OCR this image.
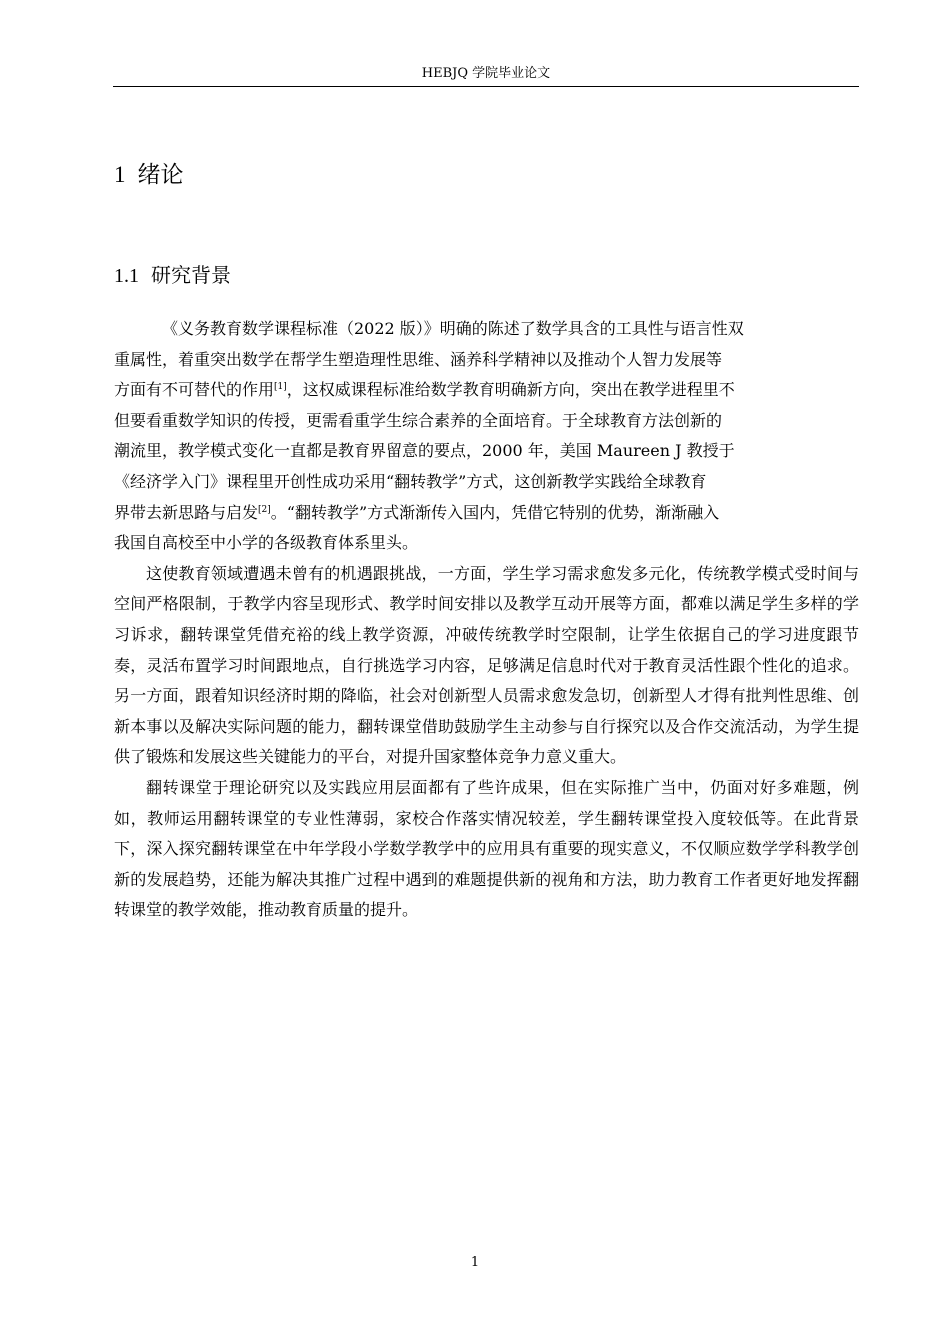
HEBJQ 学院毕业论文
1 绪论
1.1 研究背景

《义务教育数学课程标准（2022 版）》明确的陈述了数学具含的工具性与语言性双
重属性，着重突出数学在帮学生塑造理性思维、涵养科学精神以及推动个人智力发展等
方面有不可替代的作用[1]，这权威课程标准给数学教育明确新方向，突出在教学进程里不
但要看重数学知识的传授，更需看重学生综合素养的全面培育。于全球教育方法创新的
潮流里，教学模式变化一直都是教育界留意的要点，2000 年，美国 Maureen J 教授于
《经济学入门》课程里开创性成功采用“翻转教学”方式，这创新教学实践给全球教育
界带去新思路与启发[2]。“翻转教学”方式渐渐传入国内，凭借它特别的优势，渐渐融入
我国自高校至中小学的各级教育体系里头。

这使教育领域遭遇未曾有的机遇跟挑战，一方面，学生学习需求愈发多元化，传统教学模式受时间与空间严格限制，于教学内容呈现形式、教学时间安排以及教学互动开展等方面，都难以满足学生多样的学习诉求，翻转课堂凭借充裕的线上教学资源，冲破传统教学时空限制，让学生依据自己的学习进度跟节奏，灵活布置学习时间跟地点，自行挑选学习内容，足够满足信息时代对于教育灵活性跟个性化的追求。另一方面，跟着知识经济时期的降临，社会对创新型人员需求愈发急切，创新型人才得有批判性思维、创新本事以及解决实际问题的能力，翻转课堂借助鼓励学生主动参与自行探究以及合作交流活动，为学生提供了锻炼和发展这些关键能力的平台，对提升国家整体竞争力意义重大。

翻转课堂于理论研究以及实践应用层面都有了些许成果，但在实际推广当中，仍面对好多难题，例如，教师运用翻转课堂的专业性薄弱，家校合作落实情况较差，学生翻转课堂投入度较低等。在此背景下，深入探究翻转课堂在中年学段小学数学教学中的应用具有重要的现实意义，不仅顺应数学学科教学创新的发展趋势，还能为解决其推广过程中遇到的难题提供新的视角和方法，助力教育工作者更好地发挥翻转课堂的教学效能，推动教育质量的提升。

1
